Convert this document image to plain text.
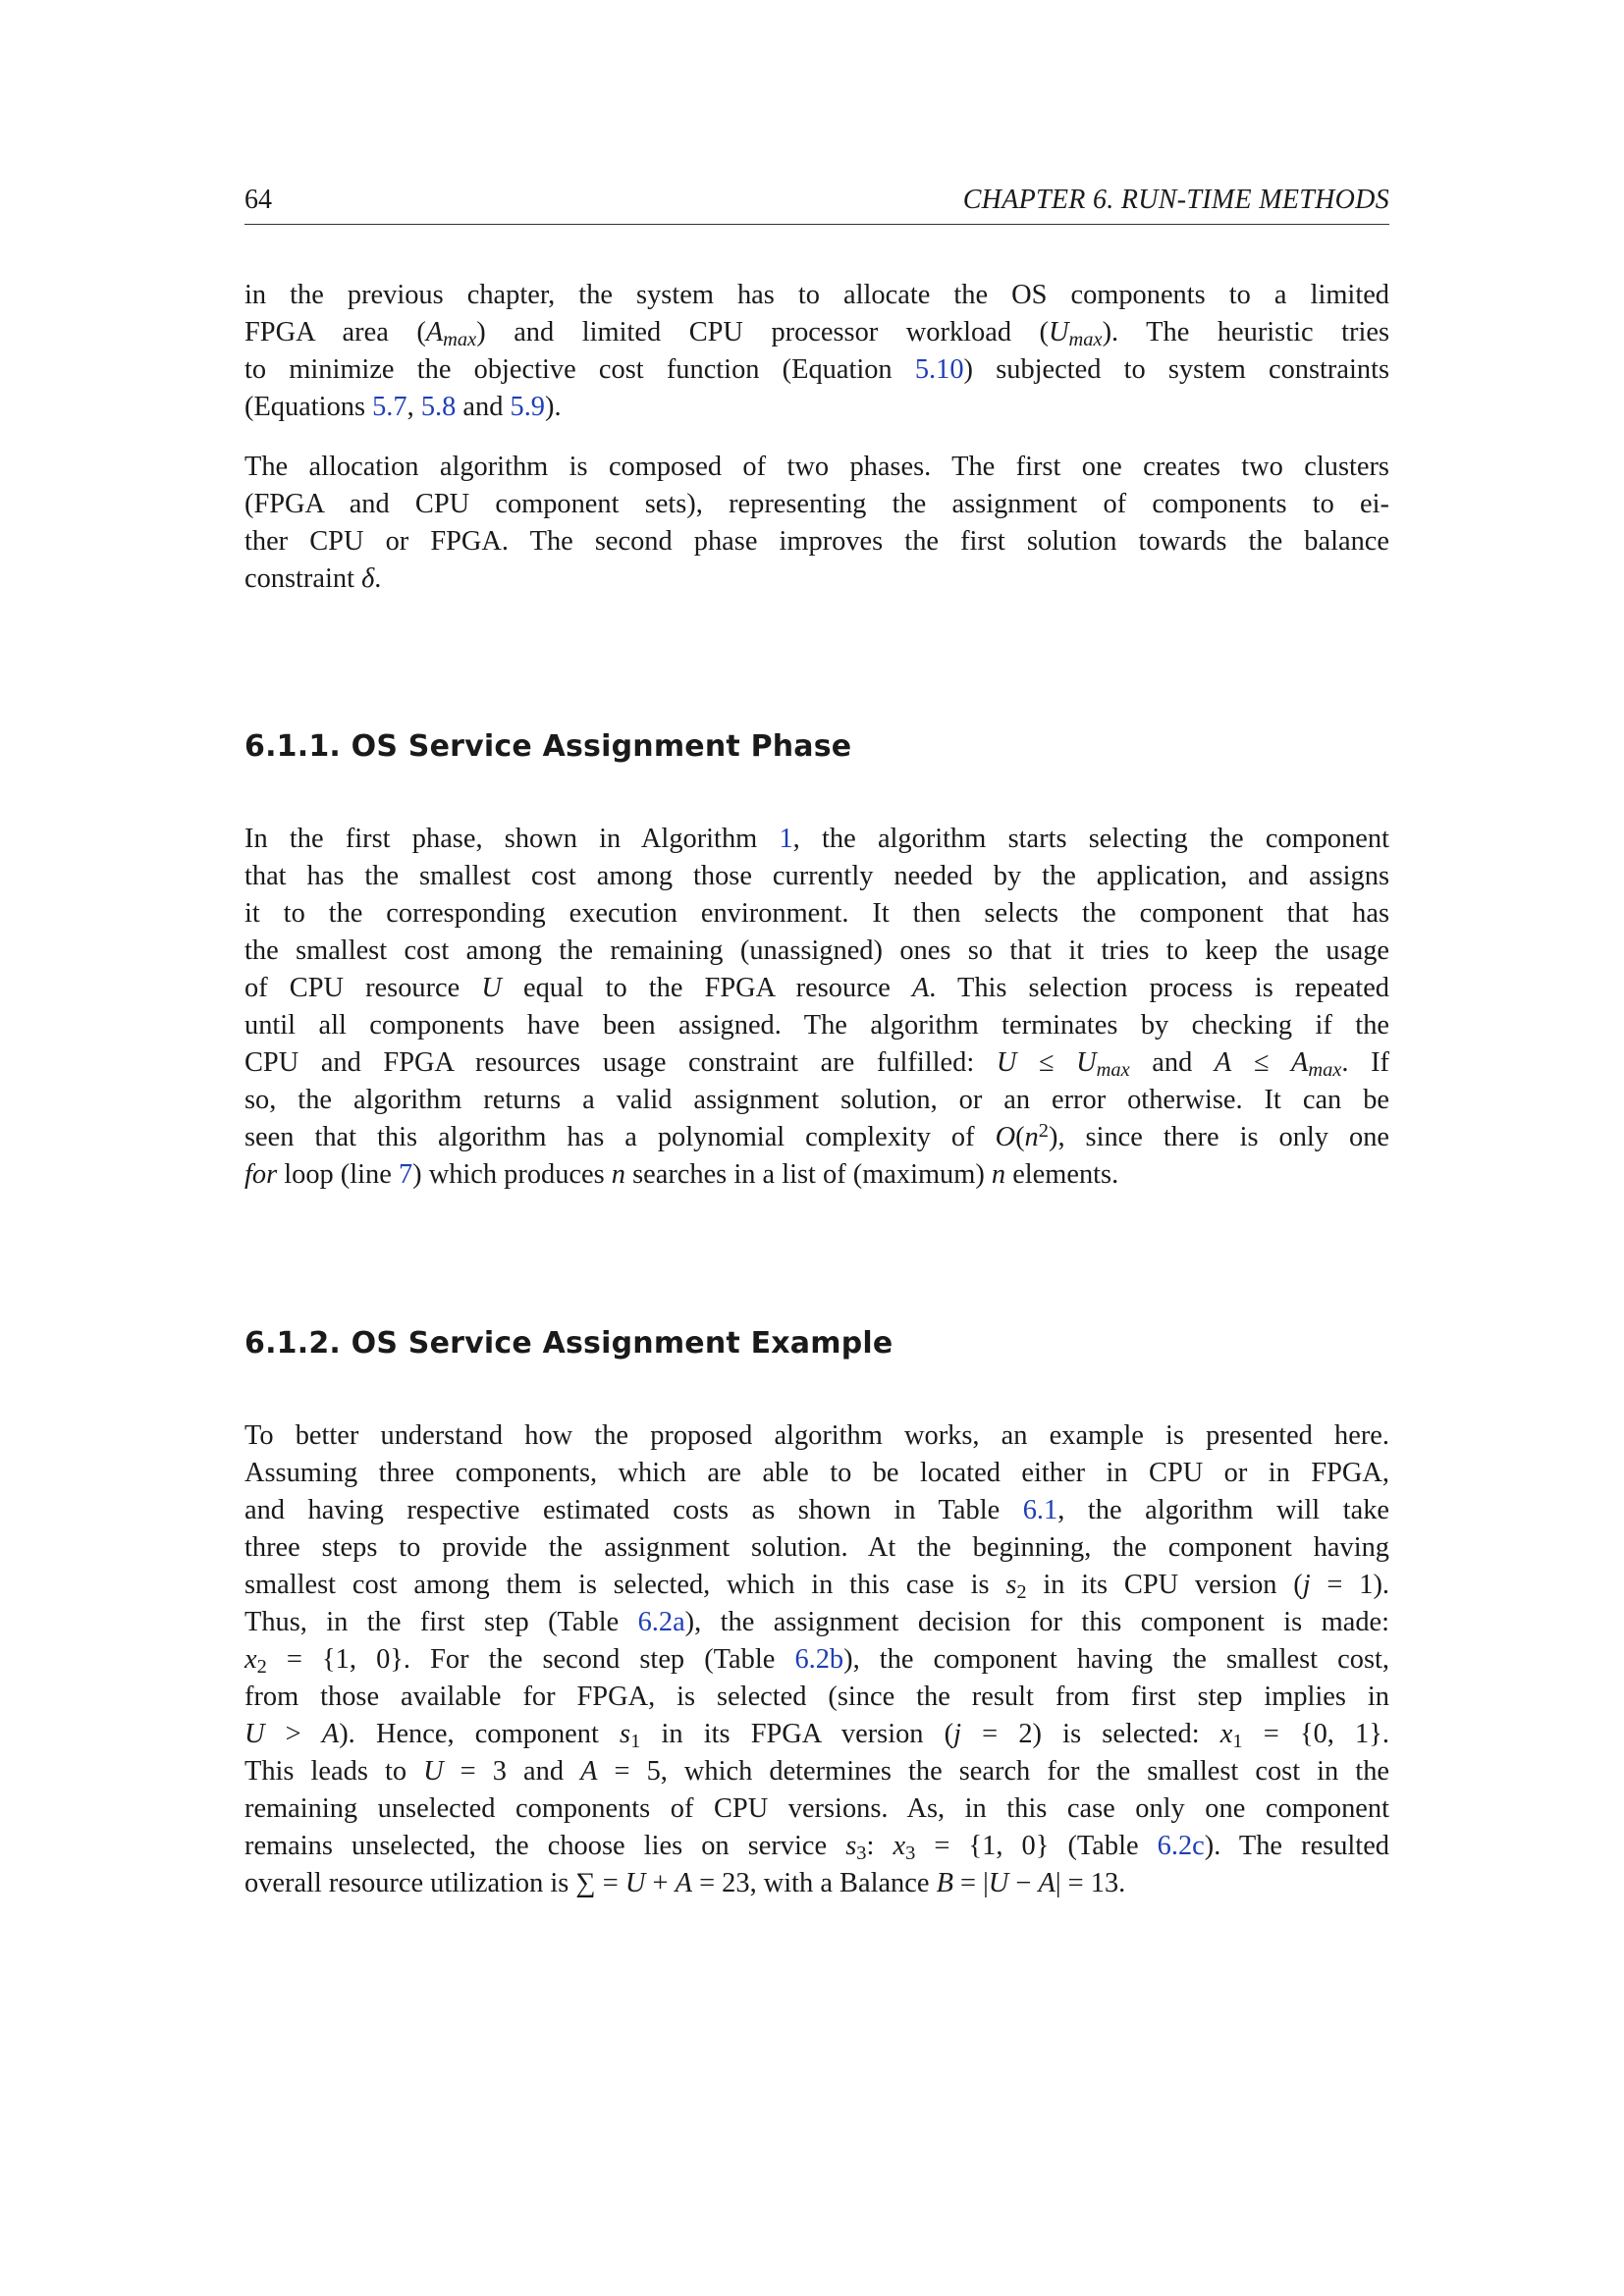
64	CHAPTER 6. RUN-TIME METHODS
in the previous chapter, the system has to allocate the OS components to a limited
FPGA area $(A_{max})$ and limited CPU processor workload $(U_{max})$. The heuristic tries
to minimize the objective cost function (Equation 5.10) subjected to system constraints
(Equations 5.7, 5.8 and 5.9).
The allocation algorithm is composed of two phases. The first one creates two clusters
(FPGA and CPU component sets), representing the assignment of components to ei-
ther CPU or FPGA. The second phase improves the first solution towards the balance
constraint δ.
6.1.1. OS Service Assignment Phase
In the first phase, shown in Algorithm 1, the algorithm starts selecting the component
that has the smallest cost among those currently needed by the application, and assigns
it to the corresponding execution environment. It then selects the component that has
the smallest cost among the remaining (unassigned) ones so that it tries to keep the usage
of CPU resource U equal to the FPGA resource A. This selection process is repeated
until all components have been assigned. The algorithm terminates by checking if the
CPU and FPGA resources usage constraint are fulfilled: $U \le U_{max}$ and $A \le A_{max}$. If
so, the algorithm returns a valid assignment solution, or an error otherwise. It can be
seen that this algorithm has a polynomial complexity of $O(n^2)$, since there is only one
for loop (line 7) which produces n searches in a list of (maximum) n elements.
6.1.2. OS Service Assignment Example
To better understand how the proposed algorithm works, an example is presented here.
Assuming three components, which are able to be located either in CPU or in FPGA,
and having respective estimated costs as shown in Table 6.1, the algorithm will take
three steps to provide the assignment solution. At the beginning, the component having
smallest cost among them is selected, which in this case is $s_2$ in its CPU version (j = 1).
Thus, in the first step (Table 6.2a), the assignment decision for this component is made:
$x_2 = \{1$, 0}. For the second step (Table 6.2b), the component having the smallest cost,
from those available for FPGA, is selected (since the result from first step implies in
U > A). Hence, component $s_1$ in its FPGA version (j = 2) is selected: $x_1 = \{0$, 1}.
This leads to U = 3 and A = 5, which determines the search for the smallest cost in the
remaining unselected components of CPU versions. As, in this case only one component
remains unselected, the choose lies on service $s_3$: $x_3 = \{1$, 0} (Table 6.2c). The resulted
overall resource utilization is ∑ = U + A = 23, with a Balance B = |U − A| = 13.
